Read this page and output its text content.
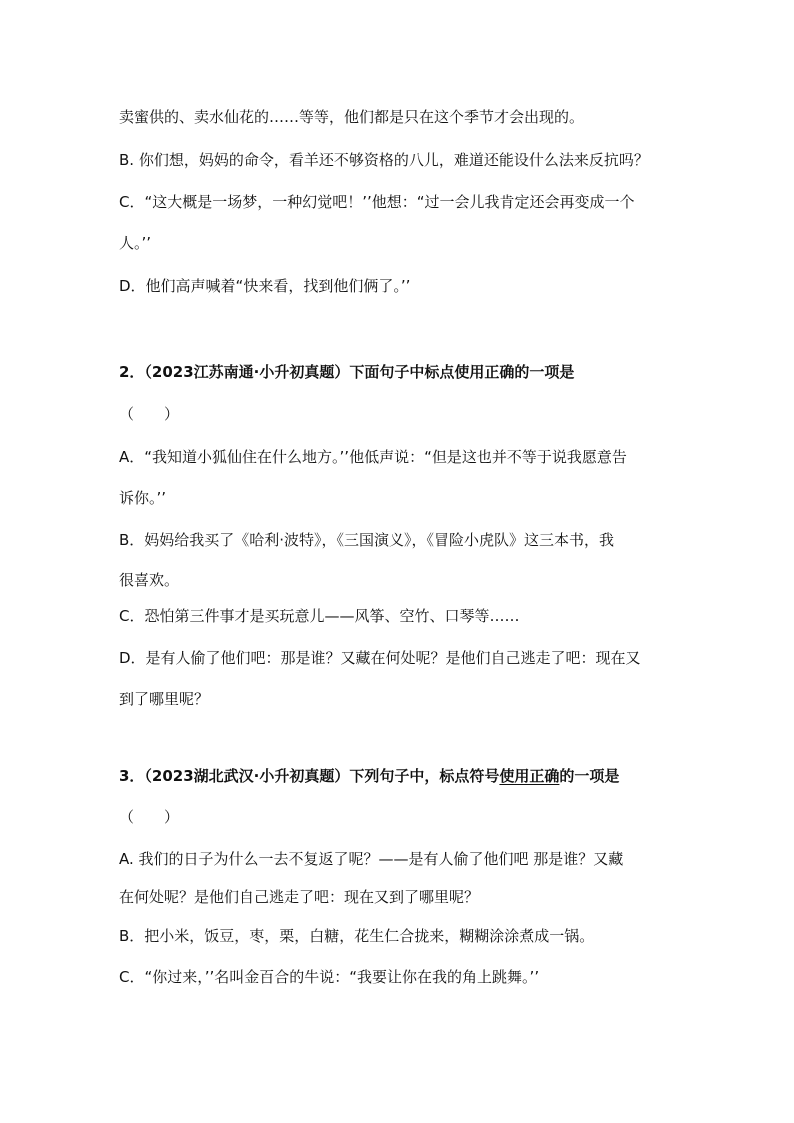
卖蜜供的、卖水仙花的……等等，他们都是只在这个季节才会出现的。
B. 你们想，妈妈的命令，看羊还不够资格的八儿，难道还能设什么法来反抗吗？
C．“这大概是一场梦，一种幻觉吧！’’他想：“过一会儿我肯定还会再变成一个
人。’’
D．他们高声喊着“快来看，找到他们俩了。’’
2．（2023江苏南通·小升初真题）下面句子中标点使用正确的一项是
（　　）
A．“我知道小狐仙住在什么地方。’’他低声说：“但是这也并不等于说我愿意告
诉你。’’
B．妈妈给我买了《哈利·波特》，《三国演义》，《冒险小虎队》这三本书，我
很喜欢。
C．恐怕第三件事才是买玩意儿——风筝、空竹、口琴等……
D．是有人偷了他们吧：那是谁？又藏在何处呢？是他们自己逃走了吧：现在又
到了哪里呢？
3．（2023湖北武汉·小升初真题）下列句子中，标点符号使用正确的一项是
（　　）
A. 我们的日子为什么一去不复返了呢？——是有人偷了他们吧 那是谁？又藏
在何处呢？是他们自己逃走了吧：现在又到了哪里呢？
B．把小米，饭豆，枣，栗，白糖，花生仁合拢来，糊糊涂涂煮成一锅。
C．“你过来，’’名叫金百合的牛说：“我要让你在我的角上跳舞。’’
